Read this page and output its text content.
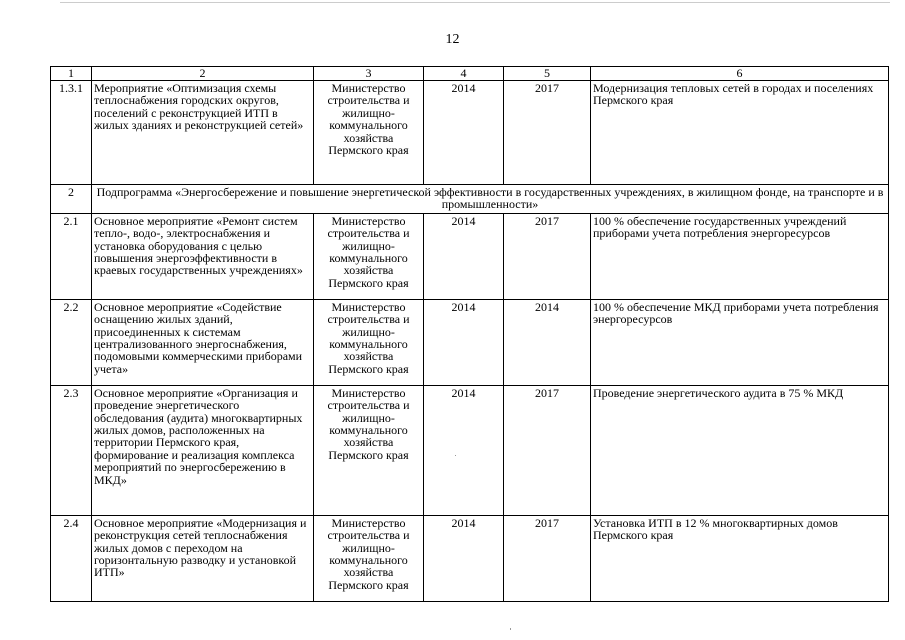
12
1	2	3	4	5	6
1.3.1	Мероприятие «Оптимизация схемы теплоснабжения городских округов, поселений с реконструкцией ИТП в жилых зданиях и реконструкцией сетей»	Министерство строительства и жилищно-коммунального хозяйства Пермского края	2014	2017	Модернизация тепловых сетей в городах и поселениях Пермского края
2	Подпрограмма «Энергосбережение и повышение энергетической эффективности в государственных учреждениях, в жилищном фонде, на транспорте и в промышленности»				
2.1	Основное мероприятие «Ремонт систем тепло-, водо-, электроснабжения и установка оборудования с целью повышения энергоэффективности в краевых государственных учреждениях»	Министерство строительства и жилищно-коммунального хозяйства Пермского края	2014	2017	100 % обеспечение государственных учреждений приборами учета потребления энергоресурсов
2.2	Основное мероприятие «Содействие оснащению жилых зданий, присоединенных к системам централизованного энергоснабжения, подомовыми коммерческими приборами учета»	Министерство строительства и жилищно-коммунального хозяйства Пермского края	2014	2014	100 % обеспечение МКД приборами учета потребления энергоресурсов
2.3	Основное мероприятие «Организация и проведение энергетического обследования (аудита) многоквартирных жилых домов, расположенных на территории Пермского края, формирование и реализация комплекса мероприятий по энергосбережению в МКД»	Министерство строительства и жилищно-коммунального хозяйства Пермского края	2014	2017	Проведение энергетического аудита в 75 % МКД
2.4	Основное мероприятие «Модернизация и реконструкция сетей теплоснабжения жилых домов с переходом на горизонтальную разводку и установкой ИТП»	Министерство строительства и жилищно-коммунального хозяйства Пермского края	2014	2017	Установка ИТП в 12 % многоквартирных домов Пермского края
